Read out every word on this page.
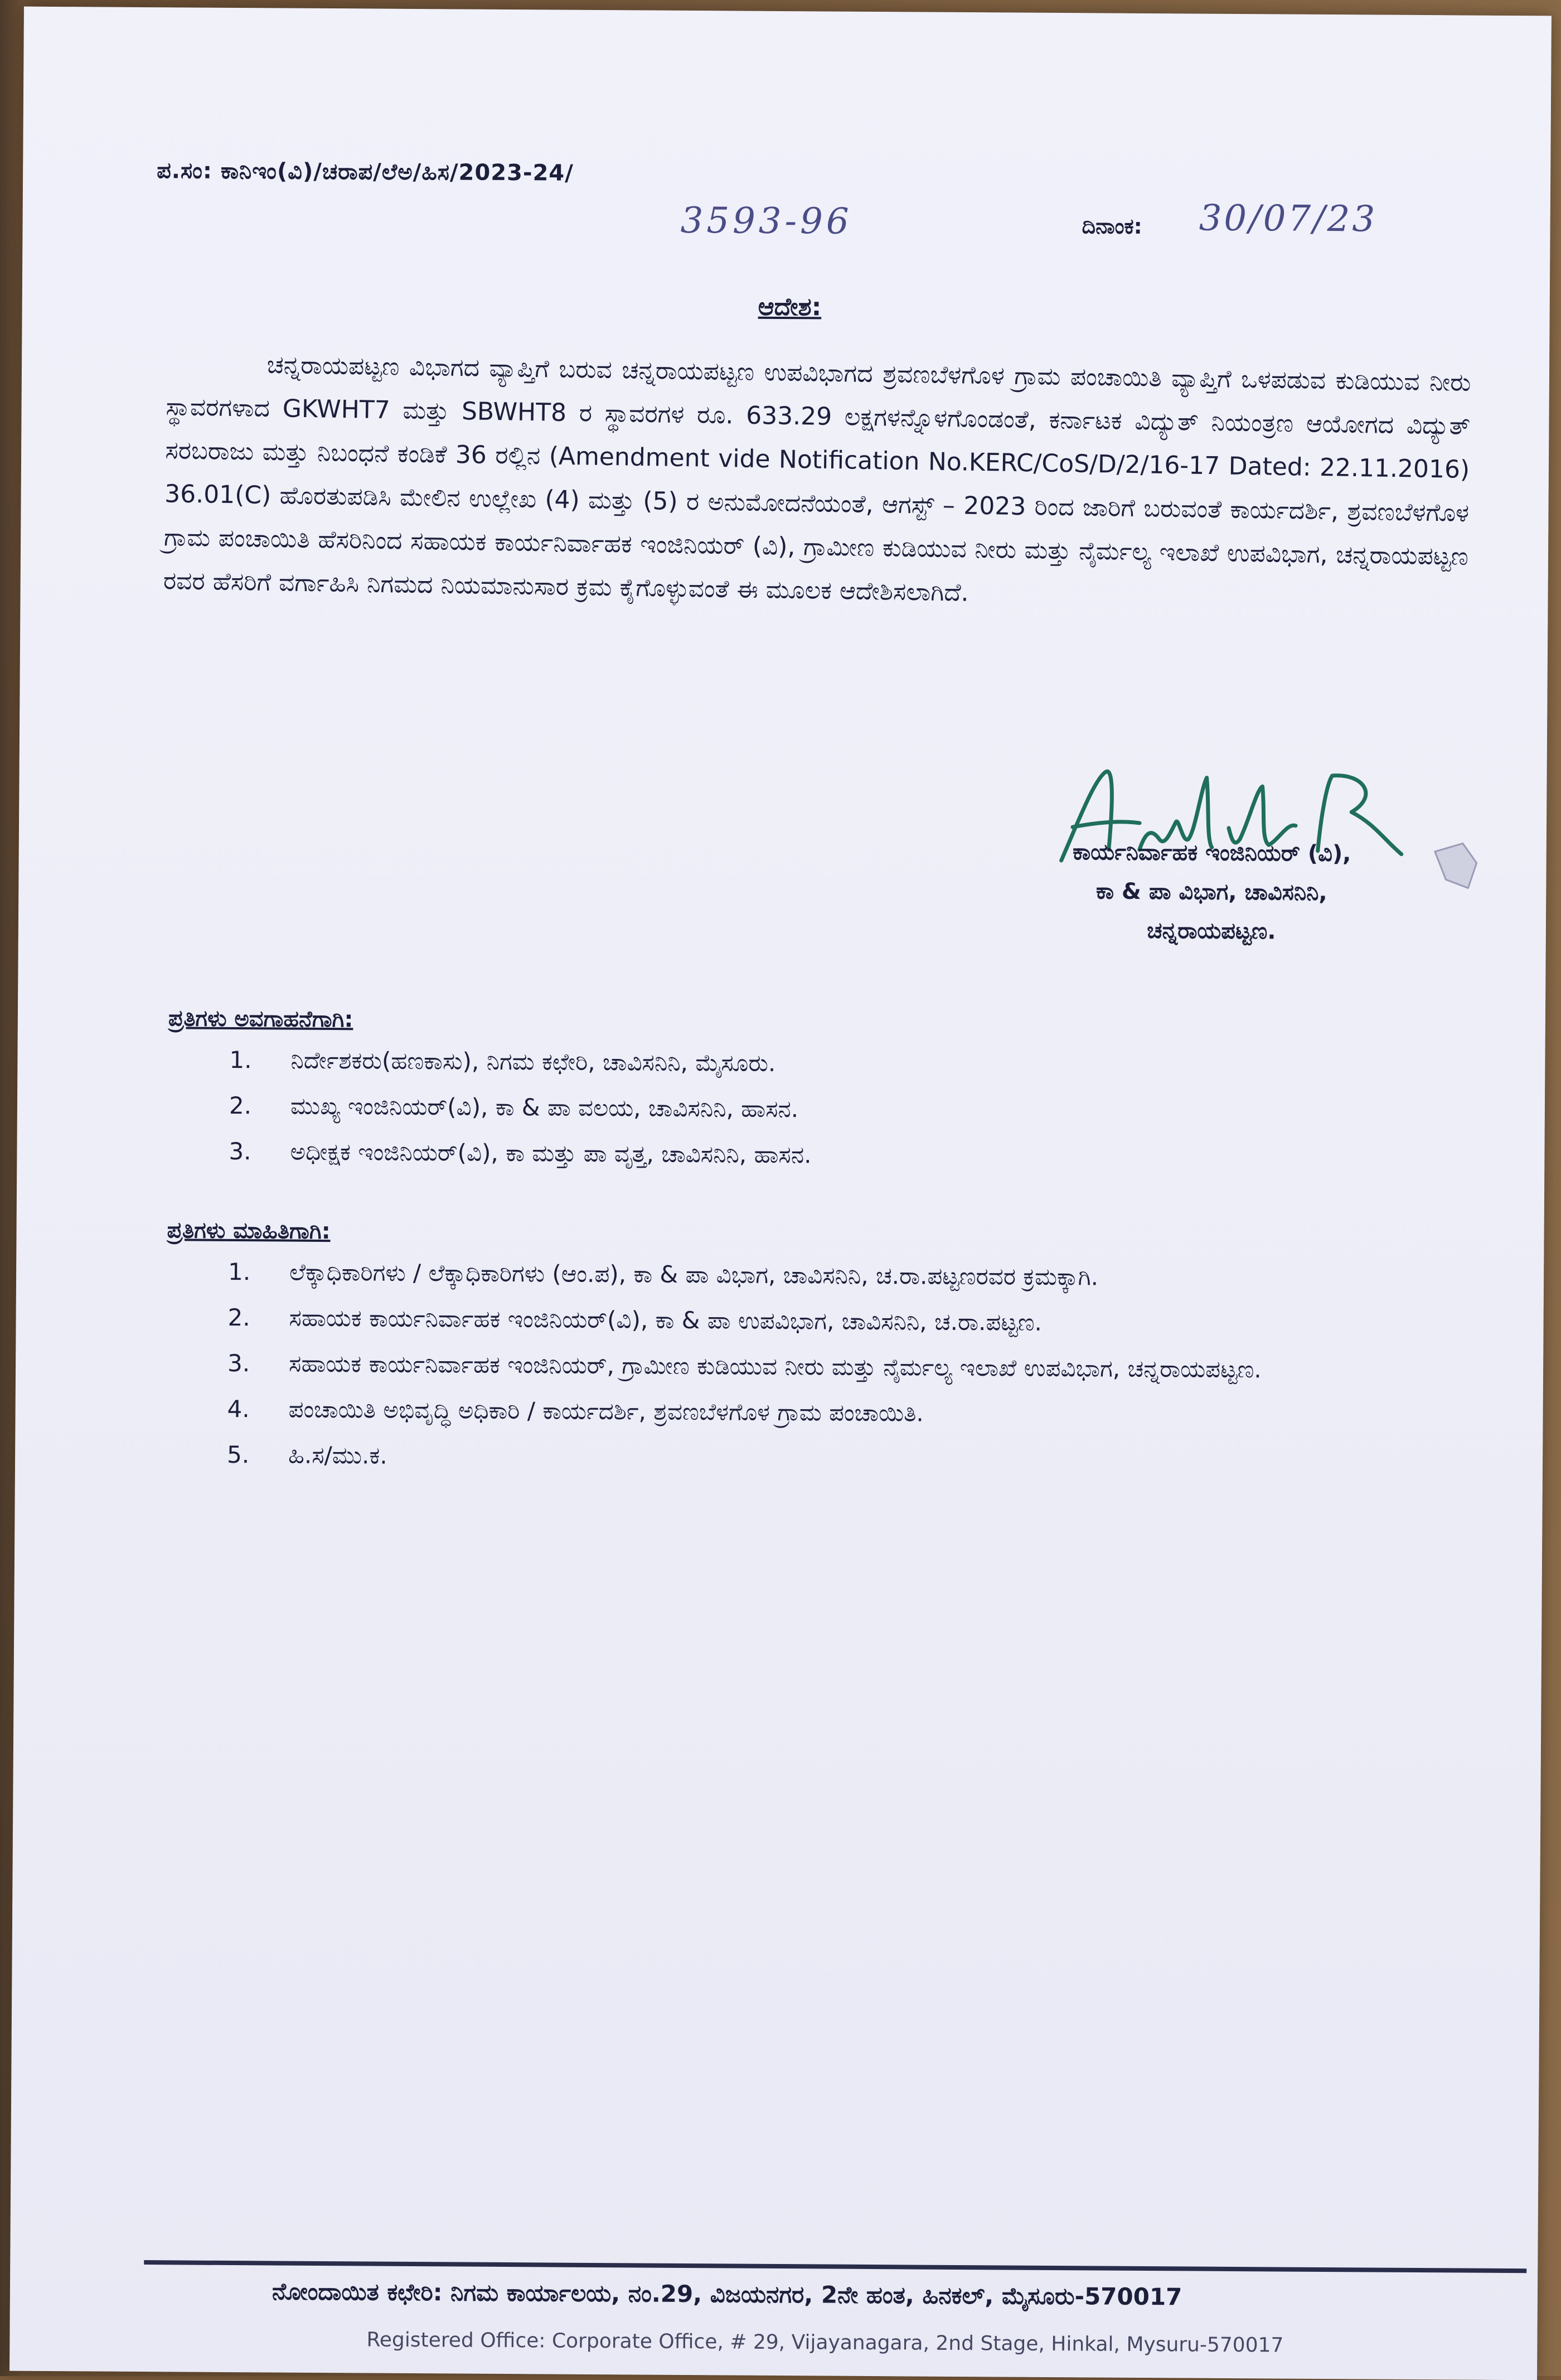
ಪ.ಸಂ: ಕಾನಿಇಂ(ವಿ)/ಚರಾಪ/ಲೆಅ/ಹಿಸ/2023-24/
3593-96	ದಿನಾಂಕ: 30/07/23
ಆದೇಶ:
ಚನ್ನರಾಯಪಟ್ಟಣ ವಿಭಾಗದ ವ್ಯಾಪ್ತಿಗೆ ಬರುವ ಚನ್ನರಾಯಪಟ್ಟಣ ಉಪವಿಭಾಗದ ಶ್ರವಣಬೆಳಗೊಳ ಗ್ರಾಮ ಪಂಚಾಯಿತಿ ವ್ಯಾಪ್ತಿಗೆ ಒಳಪಡುವ ಕುಡಿಯುವ ನೀರು ಸ್ಥಾವರಗಳಾದ GKWHT7 ಮತ್ತು SBWHT8 ರ ಸ್ಥಾವರಗಳ ರೂ. 633.29 ಲಕ್ಷಗಳನ್ನೊಳಗೊಂಡಂತೆ, ಕರ್ನಾಟಕ ವಿದ್ಯುತ್ ನಿಯಂತ್ರಣ ಆಯೋಗದ ವಿದ್ಯುತ್ ಸರಬರಾಜು ಮತ್ತು ನಿಬಂಧನೆ ಕಂಡಿಕೆ 36 ರಲ್ಲಿನ (Amendment vide Notification No.KERC/CoS/D/2/16-17 Dated: 22.11.2016) 36.01(C) ಹೊರತುಪಡಿಸಿ ಮೇಲಿನ ಉಲ್ಲೇಖ (4) ಮತ್ತು (5) ರ ಅನುಮೋದನೆಯಂತೆ, ಆಗಸ್ಟ್ – 2023 ರಿಂದ ಜಾರಿಗೆ ಬರುವಂತೆ ಕಾರ್ಯದರ್ಶಿ, ಶ್ರವಣಬೆಳಗೊಳ ಗ್ರಾಮ ಪಂಚಾಯಿತಿ ಹೆಸರಿನಿಂದ ಸಹಾಯಕ ಕಾರ್ಯನಿರ್ವಾಹಕ ಇಂಜಿನಿಯರ್ (ವಿ), ಗ್ರಾಮೀಣ ಕುಡಿಯುವ ನೀರು ಮತ್ತು ನೈರ್ಮಲ್ಯ ಇಲಾಖೆ ಉಪವಿಭಾಗ, ಚನ್ನರಾಯಪಟ್ಟಣ ರವರ ಹೆಸರಿಗೆ ವರ್ಗಾಹಿಸಿ ನಿಗಮದ ನಿಯಮಾನುಸಾರ ಕ್ರಮ ಕೈಗೊಳ್ಳುವಂತೆ ಈ ಮೂಲಕ ಆದೇಶಿಸಲಾಗಿದೆ.
ಕಾರ್ಯನಿರ್ವಾಹಕ ಇಂಜಿನಿಯರ್ (ವಿ),
ಕಾ & ಪಾ ವಿಭಾಗ, ಚಾವಿಸನಿನಿ,
ಚನ್ನರಾಯಪಟ್ಟಣ.
ಪ್ರತಿಗಳು ಅವಗಾಹನೆಗಾಗಿ:
1.	ನಿರ್ದೇಶಕರು(ಹಣಕಾಸು), ನಿಗಮ ಕಛೇರಿ, ಚಾವಿಸನಿನಿ, ಮೈಸೂರು.
2.	ಮುಖ್ಯ ಇಂಜಿನಿಯರ್(ವಿ), ಕಾ & ಪಾ ವಲಯ, ಚಾವಿಸನಿನಿ, ಹಾಸನ.
3.	ಅಧೀಕ್ಷಕ ಇಂಜಿನಿಯರ್(ವಿ), ಕಾ ಮತ್ತು ಪಾ ವೃತ್ತ, ಚಾವಿಸನಿನಿ, ಹಾಸನ.
ಪ್ರತಿಗಳು ಮಾಹಿತಿಗಾಗಿ:
1.	ಲೆಕ್ಕಾಧಿಕಾರಿಗಳು / ಲೆಕ್ಕಾಧಿಕಾರಿಗಳು (ಆಂ.ಪ), ಕಾ & ಪಾ ವಿಭಾಗ, ಚಾವಿಸನಿನಿ, ಚ.ರಾ.ಪಟ್ಟಣರವರ ಕ್ರಮಕ್ಕಾಗಿ.
2.	ಸಹಾಯಕ ಕಾರ್ಯನಿರ್ವಾಹಕ ಇಂಜಿನಿಯರ್(ವಿ), ಕಾ & ಪಾ ಉಪವಿಭಾಗ, ಚಾವಿಸನಿನಿ, ಚ.ರಾ.ಪಟ್ಟಣ.
3.	ಸಹಾಯಕ ಕಾರ್ಯನಿರ್ವಾಹಕ ಇಂಜಿನಿಯರ್, ಗ್ರಾಮೀಣ ಕುಡಿಯುವ ನೀರು ಮತ್ತು ನೈರ್ಮಲ್ಯ ಇಲಾಖೆ ಉಪವಿಭಾಗ, ಚನ್ನರಾಯಪಟ್ಟಣ.
4.	ಪಂಚಾಯಿತಿ ಅಭಿವೃದ್ಧಿ ಅಧಿಕಾರಿ / ಕಾರ್ಯದರ್ಶಿ, ಶ್ರವಣಬೆಳಗೊಳ ಗ್ರಾಮ ಪಂಚಾಯಿತಿ.
5.	ಹಿ.ಸ/ಮು.ಕ.
ನೋಂದಾಯಿತ ಕಛೇರಿ: ನಿಗಮ ಕಾರ್ಯಾಲಯ, ನಂ.29, ವಿಜಯನಗರ, 2ನೇ ಹಂತ, ಹಿನಕಲ್, ಮೈಸೂರು-570017
Registered Office: Corporate Office, # 29, Vijayanagara, 2nd Stage, Hinkal, Mysuru-570017
